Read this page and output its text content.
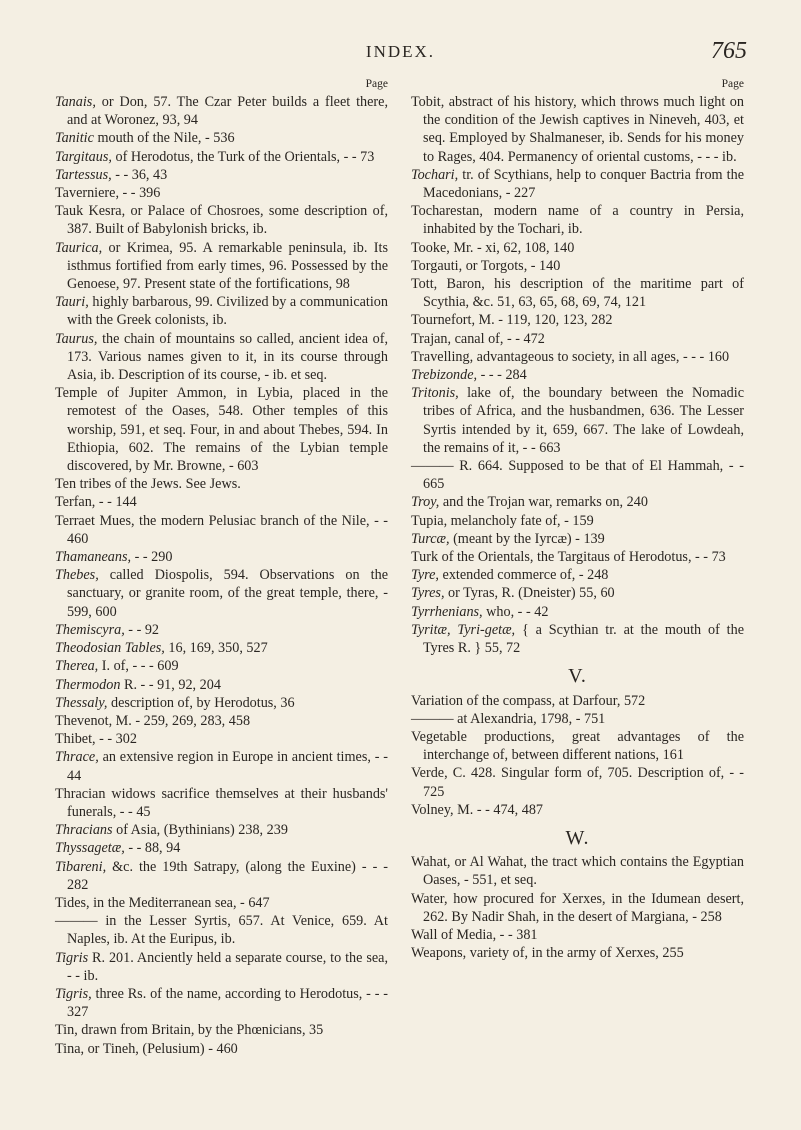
INDEX.	765
Page
Tanais, or Don, 57. The Czar Peter builds a fleet there, and at Woronez, 93, 94
Tanitic mouth of the Nile, - 536
Targitaus, of Herodotus, the Turk of the Orientals, - - 73
Tartessus, - - 36, 43
Taverniere, - - 396
Tauk Kesra, or Palace of Chosroes, some description of, 387. Built of Babylonish bricks, ib.
Taurica, or Krimea, 95. A remarkable peninsula, ib. Its isthmus fortified from early times, 96. Possessed by the Genoese, 97. Present state of the fortifications, 98
Tauri, highly barbarous, 99. Civilized by a communication with the Greek colonists, ib.
Taurus, the chain of mountains so called, ancient idea of, 173. Various names given to it, in its course through Asia, ib. Description of its course, - ib. et seq.
Temple of Jupiter Ammon, in Lybia, placed in the remotest of the Oases, 548. Other temples of this worship, 591, et seq. Four, in and about Thebes, 594. In Ethiopia, 602. The remains of the Lybian temple discovered, by Mr. Browne, - 603
Ten tribes of the Jews. See Jews.
Terfan, - - 144
Terraet Mues, the modern Pelusiac branch of the Nile, - - 460
Thamaneans, - - 290
Thebes, called Diospolis, 594. Observations on the sanctuary, or granite room, of the great temple, there, - 599, 600
Themiscyra, - - 92
Theodosian Tables, 16, 169, 350, 527
Therea, I. of, - - - 609
Thermodon R. - - 91, 92, 204
Thessaly, description of, by Herodotus, 36
Thevenot, M. - 259, 269, 283, 458
Thibet, - - 302
Thrace, an extensive region in Europe in ancient times, - - 44
Thracian widows sacrifice themselves at their husbands' funerals, - - 45
Thracians of Asia, (Bythinians) 238, 239
Thyssagetæ, - - 88, 94
Tibareni, &c. the 19th Satrapy, (along the Euxine) - - - 282
Tides, in the Mediterranean sea, - 647
——— in the Lesser Syrtis, 657. At Venice, 659. At Naples, ib. At the Euripus, ib.
Tigris R. 201. Anciently held a separate course, to the sea, - - ib.
Tigris, three Rs. of the name, according to Herodotus, - - - 327
Tin, drawn from Britain, by the Phœnicians, 35
Tina, or Tineh, (Pelusium) - 460
Page
Tobit, abstract of his history, which throws much light on the condition of the Jewish captives in Nineveh, 403, et seq. Employed by Shalmaneser, ib. Sends for his money to Rages, 404. Permanency of oriental customs, - - - ib.
Tochari, tr. of Scythians, help to conquer Bactria from the Macedonians, - 227
Tocharestan, modern name of a country in Persia, inhabited by the Tochari, ib.
Tooke, Mr. - xi, 62, 108, 140
Torgauti, or Torgots, - 140
Tott, Baron, his description of the maritime part of Scythia, &c. 51, 63, 65, 68, 69, 74, 121
Tournefort, M. - 119, 120, 123, 282
Trajan, canal of, - - 472
Travelling, advantageous to society, in all ages, - - - 160
Trebizonde, - - - 284
Tritonis, lake of, the boundary between the Nomadic tribes of Africa, and the husbandmen, 636. The Lesser Syrtis intended by it, 659, 667. The lake of Lowdeah, the remains of it, - - 663
——— R. 664. Supposed to be that of El Hammah, - - 665
Troy, and the Trojan war, remarks on, 240
Tupia, melancholy fate of, - 159
Turcæ, (meant by the Iyrcæ) - 139
Turk of the Orientals, the Targitaus of Herodotus, - - 73
Tyre, extended commerce of, - 248
Tyres, or Tyras, R. (Dneister) 55, 60
Tyrrhenians, who, - - 42
Tyritæ, Tyri-getæ, { a Scythian tr. at the mouth of the Tyres R. } 55, 72
V.
Variation of the compass, at Darfour, 572
——— at Alexandria, 1798, - 751
Vegetable productions, great advantages of the interchange of, between different nations, 161
Verde, C. 428. Singular form of, 705. Description of, - - 725
Volney, M. - - 474, 487
W.
Wahat, or Al Wahat, the tract which contains the Egyptian Oases, - 551, et seq.
Water, how procured for Xerxes, in the Idumean desert, 262. By Nadir Shah, in the desert of Margiana, - 258
Wall of Media, - - 381
Weapons, variety of, in the army of Xerxes, 255
